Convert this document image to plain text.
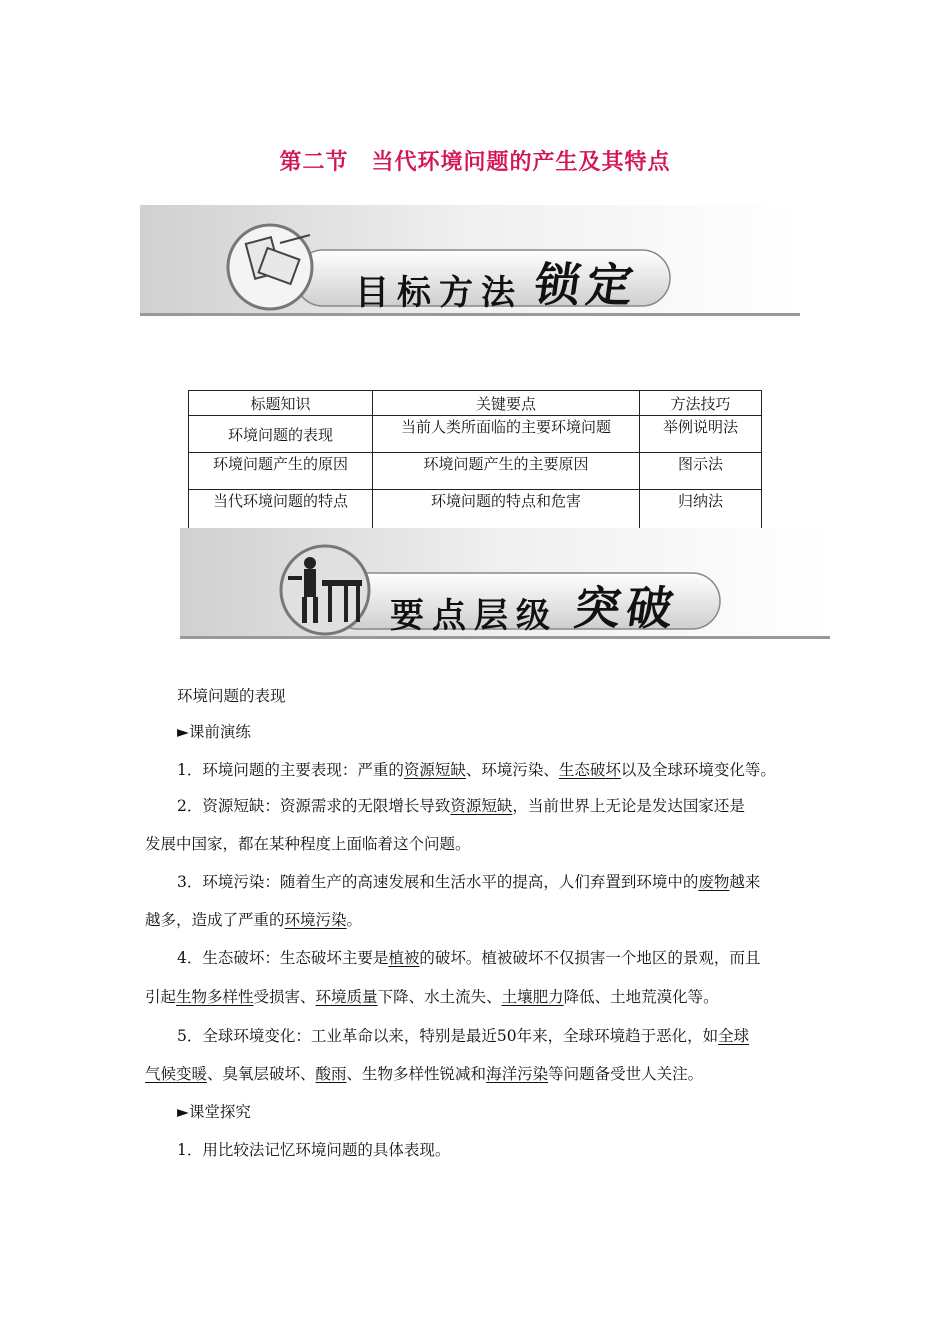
第二节　当代环境问题的产生及其特点
目标方法 锁定
标题知识	关键要点	方法技巧
环境问题的表现	当前人类所面临的主要环境问题	举例说明法
环境问题产生的原因	环境问题产生的主要原因	图示法
当代环境问题的特点	环境问题的特点和危害	归纳法
要点层级 突破
环境问题的表现
►课前演练
1．环境问题的主要表现：严重的资源短缺、环境污染、生态破坏以及全球环境变化等。
2．资源短缺：资源需求的无限增长导致资源短缺，当前世界上无论是发达国家还是
发展中国家，都在某种程度上面临着这个问题。
3．环境污染：随着生产的高速发展和生活水平的提高，人们弃置到环境中的废物越来
越多，造成了严重的环境污染。
4．生态破坏：生态破坏主要是植被的破坏。植被破坏不仅损害一个地区的景观，而且
引起生物多样性受损害、环境质量下降、水土流失、土壤肥力降低、土地荒漠化等。
5．全球环境变化：工业革命以来，特别是最近50年来，全球环境趋于恶化，如全球
气候变暖、臭氧层破坏、酸雨、生物多样性锐减和海洋污染等问题备受世人关注。
►课堂探究
1．用比较法记忆环境问题的具体表现。
